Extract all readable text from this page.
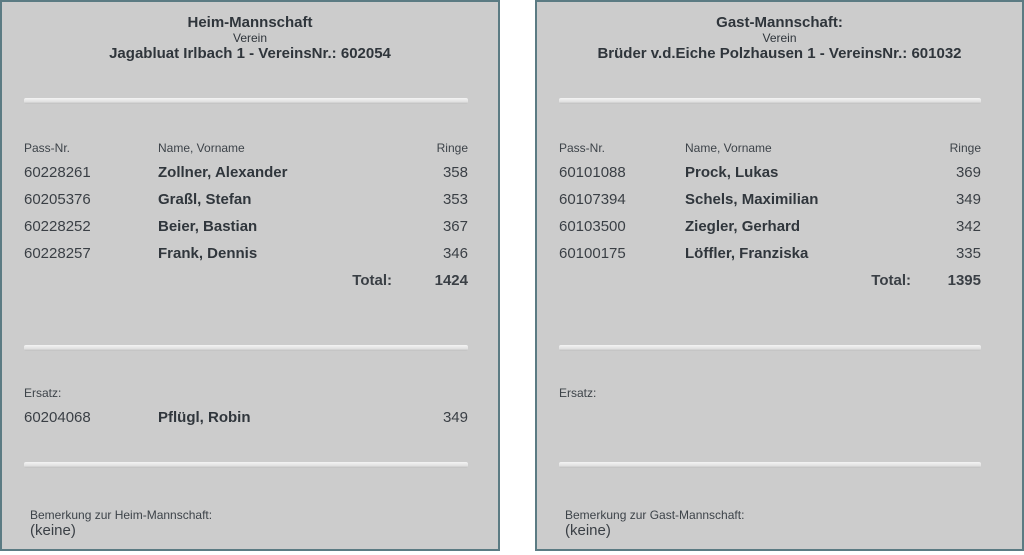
Heim-Mannschaft
Verein
Jagabluat Irlbach 1 - VereinsNr.: 602054
Pass-Nr.	Name, Vorname	Ringe
60228261	Zollner, Alexander	358
60205376	Graßl, Stefan	353
60228252	Beier, Bastian	367
60228257	Frank, Dennis	346
Total:	1424
Ersatz:
60204068	Pflügl, Robin	349
Bemerkung zur Heim-Mannschaft:
(keine)
Gast-Mannschaft:
Verein
Brüder v.d.Eiche Polzhausen 1 - VereinsNr.: 601032
Pass-Nr.	Name, Vorname	Ringe
60101088	Prock, Lukas	369
60107394	Schels, Maximilian	349
60103500	Ziegler, Gerhard	342
60100175	Löffler, Franziska	335
Total:	1395
Ersatz:
Bemerkung zur Gast-Mannschaft:
(keine)
